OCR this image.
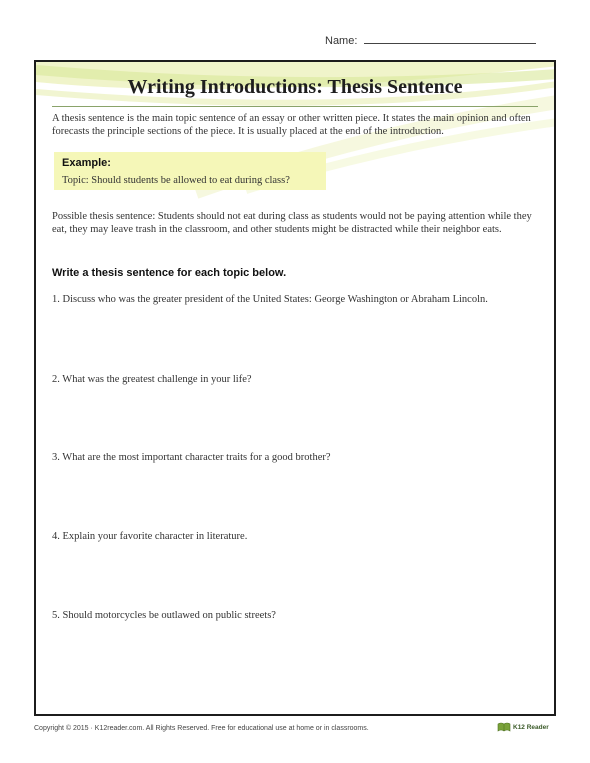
Name:
Writing Introductions: Thesis Sentence
A thesis sentence is the main topic sentence of an essay or other written piece. It states the main opinion and often forecasts the principle sections of the piece. It is usually placed at the end of the introduction.
Example:
Topic: Should students be allowed to eat during class?
Possible thesis sentence: Students should not eat during class as students would not be paying attention while they eat, they may leave trash in the classroom, and other students might be distracted while their neighbor eats.
Write a thesis sentence for each topic below.
1. Discuss who was the greater president of the United States: George Washington or Abraham Lincoln.
2. What was the greatest challenge in your life?
3. What are the most important character traits for a good brother?
4. Explain your favorite character in literature.
5. Should motorcycles be outlawed on public streets?
Copyright © 2015 · K12reader.com. All Rights Reserved. Free for educational use at home or in classrooms.	K12 Reader
